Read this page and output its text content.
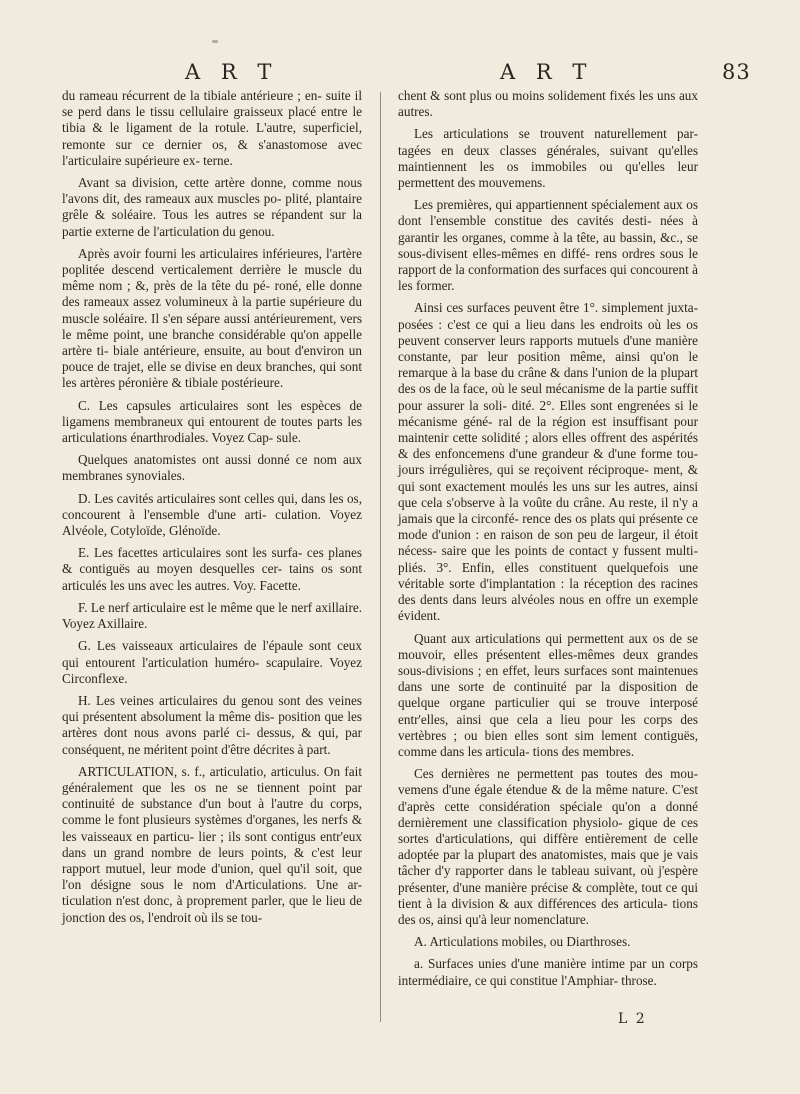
A R T	A R T	83

du rameau récurrent de la tibiale antérieure ; en- suite il se perd dans le tissu cellulaire graisseux placé entre le tibia & le ligament de la rotule. L'autre, superficiel, remonte sur ce dernier os, & s'anastomose avec l'articulaire supérieure ex- terne.

Avant sa division, cette artère donne, comme nous l'avons dit, des rameaux aux muscles po- plité, plantaire grêle & soléaire. Tous les autres se répandent sur la partie externe de l'articulation du genou.

Après avoir fourni les articulaires inférieures, l'artère poplitée descend verticalement derrière le muscle du même nom ; &, près de la tête du pé- roné, elle donne des rameaux assez volumineux à la partie supérieure du muscle soléaire. Il s'en sépare aussi antérieurement, vers le même point, une branche considérable qu'on appelle artère ti- biale antérieure, ensuite, au bout d'environ un pouce de trajet, elle se divise en deux branches, qui sont les artères péronière & tibiale postérieure.

C. Les capsules articulaires sont les espèces de ligamens membraneux qui entourent de toutes parts les articulations énarthrodiales. Voyez Cap- sule.

Quelques anatomistes ont aussi donné ce nom aux membranes synoviales.

D. Les cavités articulaires sont celles qui, dans les os, concourent à l'ensemble d'une arti- culation. Voyez Alvéole, Cotyloïde, Glénoïde.

E. Les facettes articulaires sont les surfa- ces planes & contiguës au moyen desquelles cer- tains os sont articulés les uns avec les autres. Voy. Facette.

F. Le nerf articulaire est le même que le nerf axillaire. Voyez Axillaire.

G. Les vaisseaux articulaires de l'épaule sont ceux qui entourent l'articulation huméro- scapulaire. Voyez Circonflexe.

H. Les veines articulaires du genou sont des veines qui présentent absolument la même dis- position que les artères dont nous avons parlé ci- dessus, & qui, par conséquent, ne méritent point d'être décrites à part.

ARTICULATION, s. f., articulatio, articulus. On fait généralement que les os ne se tiennent point par continuité de substance d'un bout à l'autre du corps, comme le font plusieurs systèmes d'organes, les nerfs & les vaisseaux en particu- lier ; ils sont contigus entr'eux dans un grand nombre de leurs points, & c'est leur rapport mutuel, leur mode d'union, quel qu'il soit, que l'on désigne sous le nom d'Articulations. Une ar- ticulation n'est donc, à proprement parler, que le lieu de jonction des os, l'endroit où ils se tou-

chent & sont plus ou moins solidement fixés les uns aux autres.

Les articulations se trouvent naturellement par- tagées en deux classes générales, suivant qu'elles maintiennent les os immobiles ou qu'elles leur permettent des mouvemens.

Les premières, qui appartiennent spécialement aux os dont l'ensemble constitue des cavités desti- nées à garantir les organes, comme à la tête, au bassin, &c., se sous-divisent elles-mêmes en diffé- rens ordres sous le rapport de la conformation des surfaces qui concourent à les former.

Ainsi ces surfaces peuvent être 1°. simplement juxta-posées : c'est ce qui a lieu dans les endroits où les os peuvent conserver leurs rapports mutuels d'une manière constante, par leur position même, ainsi qu'on le remarque à la base du crâne & dans l'union de la plupart des os de la face, où le seul mécanisme de la partie suffit pour assurer la soli- dité. 2°. Elles sont engrenées si le mécanisme géné- ral de la région est insuffisant pour maintenir cette solidité ; alors elles offrent des aspérités & des enfoncemens d'une grandeur & d'une forme tou- jours irrégulières, qui se reçoivent réciproque- ment, & qui sont exactement moulés les uns sur les autres, ainsi que cela s'observe à la voûte du crâne. Au reste, il n'y a jamais que la circonfé- rence des os plats qui présente ce mode d'union : en raison de son peu de largeur, il étoit nécess- saire que les points de contact y fussent multi- pliés. 3°. Enfin, elles constituent quelquefois une véritable sorte d'implantation : la réception des racines des dents dans leurs alvéoles nous en offre un exemple évident.

Quant aux articulations qui permettent aux os de se mouvoir, elles présentent elles-mêmes deux grandes sous-divisions ; en effet, leurs surfaces sont maintenues dans une sorte de continuité par la disposition de quelque organe particulier qui se trouve interposé entr'elles, ainsi que cela a lieu pour les corps des vertèbres ; ou bien elles sont sim lement contiguës, comme dans les articula- tions des membres.

Ces dernières ne permettent pas toutes des mou- vemens d'une égale étendue & de la même nature. C'est d'après cette considération spéciale qu'on a donné dernièrement une classification physiolo- gique de ces sortes d'articulations, qui diffère entièrement de celle adoptée par la plupart des anatomistes, mais que je vais tâcher d'y rapporter dans le tableau suivant, où j'espère présenter, d'une manière précise & complète, tout ce qui tient à la division & aux différences des articula- tions des os, ainsi qu'à leur nomenclature.

A. Articulations mobiles, ou Diarthroses.

a. Surfaces unies d'une manière intime par un corps intermédiaire, ce qui constitue l'Amphiar- throse.

L 2
